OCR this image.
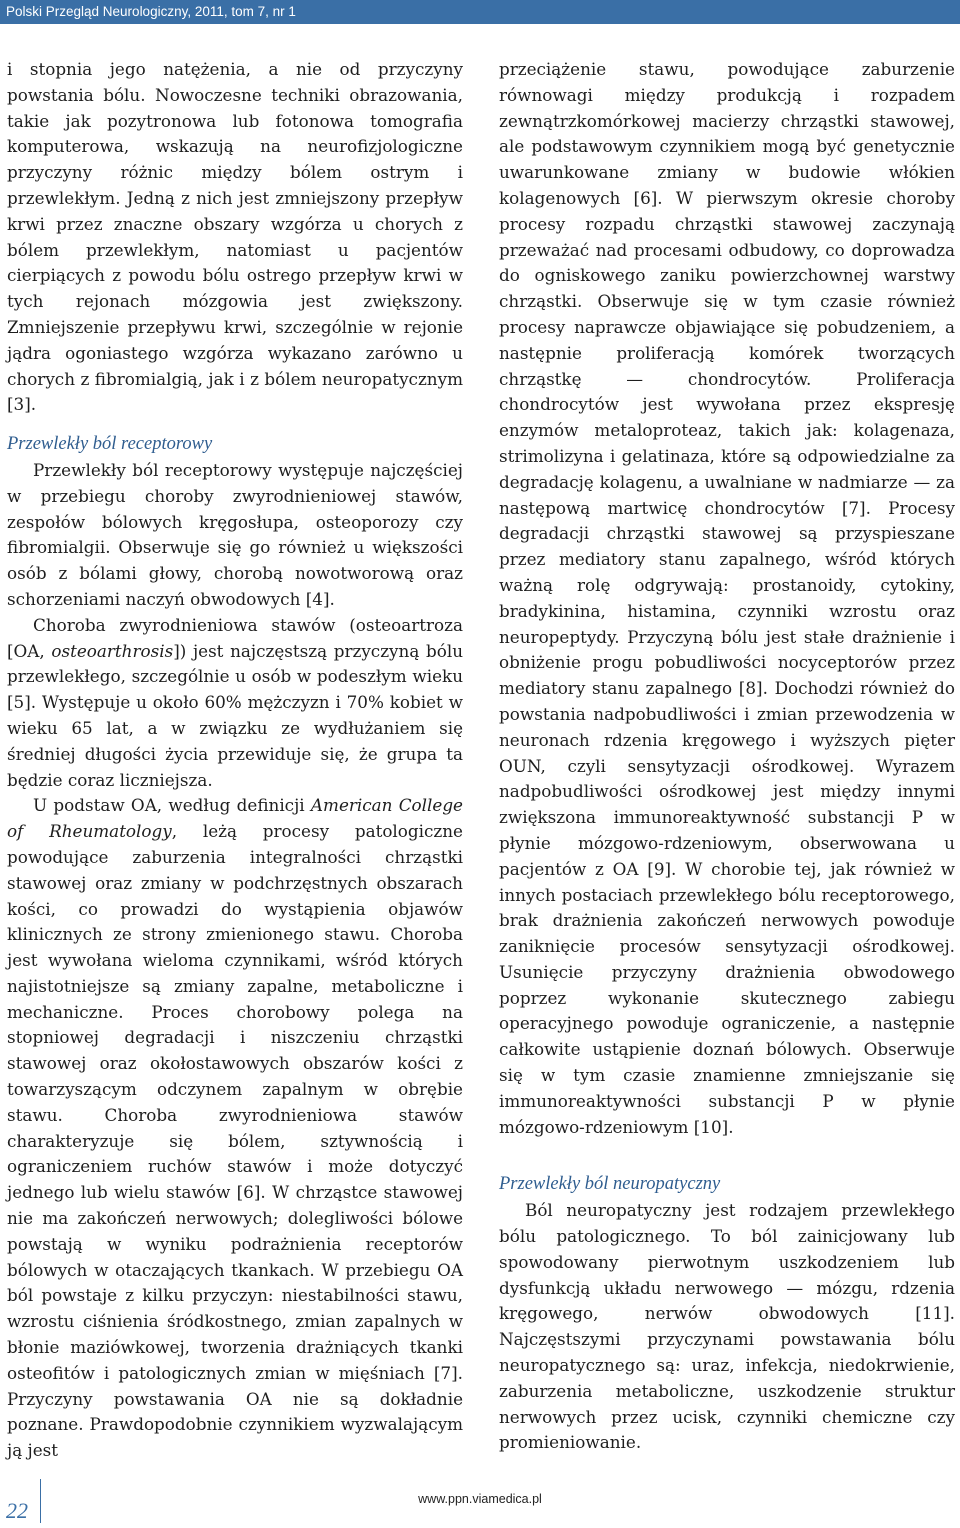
Polski Przegląd Neurologiczny, 2011, tom 7, nr 1

i stopnia jego natężenia, a nie od przyczyny powstania bólu. Nowoczesne techniki obrazowania, takie jak pozytronowa lub fotonowa tomografia komputerowa, wskazują na neurofizjologiczne przyczyny różnic między bólem ostrym i przewlekłym. Jedną z nich jest zmniejszony przepływ krwi przez znaczne obszary wzgórza u chorych z bólem przewlekłym, natomiast u pacjentów cierpiących z powodu bólu ostrego przepływ krwi w tych rejonach mózgowia jest zwiększony. Zmniejszenie przepływu krwi, szczególnie w rejonie jądra ogoniastego wzgórza wykazano zarówno u chorych z fibromialgią, jak i z bólem neuropatycznym [3].

Przewlekły ból receptorowy

Przewlekły ból receptorowy występuje najczęściej w przebiegu choroby zwyrodnieniowej stawów, zespołów bólowych kręgosłupa, osteoporozy czy fibromialgii. Obserwuje się go również u większości osób z bólami głowy, chorobą nowotworową oraz schorzeniami naczyń obwodowych [4].

Choroba zwyrodnieniowa stawów (osteoartroza [OA, osteoarthrosis]) jest najczęstszą przyczyną bólu przewlekłego, szczególnie u osób w podeszłym wieku [5]. Występuje u około 60% mężczyzn i 70% kobiet w wieku 65 lat, a w związku ze wydłużaniem się średniej długości życia przewiduje się, że grupa ta będzie coraz liczniejsza.

U podstaw OA, według definicji American College of Rheumatology, leżą procesy patologiczne powodujące zaburzenia integralności chrząstki stawowej oraz zmiany w podchrzęstnych obszarach kości, co prowadzi do wystąpienia objawów klinicznych ze strony zmienionego stawu. Choroba jest wywołana wieloma czynnikami, wśród których najistotniejsze są zmiany zapalne, metaboliczne i mechaniczne. Proces chorobowy polega na stopniowej degradacji i niszczeniu chrząstki stawowej oraz okołostawowych obszarów kości z towarzyszącym odczynem zapalnym w obrębie stawu. Choroba zwyrodnieniowa stawów charakteryzuje się bólem, sztywnością i ograniczeniem ruchów stawów i może dotyczyć jednego lub wielu stawów [6]. W chrząstce stawowej nie ma zakończeń nerwowych; dolegliwości bólowe powstają w wyniku podrażnienia receptorów bólowych w otaczających tkankach. W przebiegu OA ból powstaje z kilku przyczyn: niestabilności stawu, wzrostu ciśnienia śródkostnego, zmian zapalnych w błonie maziówkowej, tworzenia drażniących tkanki osteofitów i patologicznych zmian w mięśniach [7]. Przyczyny powstawania OA nie są dokładnie poznane. Prawdopodobnie czynnikiem wyzwalającym ją jest

przeciążenie stawu, powodujące zaburzenie równowagi między produkcją i rozpadem zewnątrzkomórkowej macierzy chrząstki stawowej, ale podstawowym czynnikiem mogą być genetycznie uwarunkowane zmiany w budowie włókien kolagenowych [6]. W pierwszym okresie choroby procesy rozpadu chrząstki stawowej zaczynają przeważać nad procesami odbudowy, co doprowadza do ogniskowego zaniku powierzchownej warstwy chrząstki. Obserwuje się w tym czasie również procesy naprawcze objawiające się pobudzeniem, a następnie proliferacją komórek tworzących chrząstkę — chondrocytów. Proliferacja chondrocytów jest wywołana przez ekspresję enzymów metaloproteaz, takich jak: kolagenaza, strimolizyna i gelatinaza, które są odpowiedzialne za degradację kolagenu, a uwalniane w nadmiarze — za następową martwicę chondrocytów [7]. Procesy degradacji chrząstki stawowej są przyspieszane przez mediatory stanu zapalnego, wśród których ważną rolę odgrywają: prostanoidy, cytokiny, bradykinina, histamina, czynniki wzrostu oraz neuropeptydy. Przyczyną bólu jest stałe drażnienie i obniżenie progu pobudliwości nocyceptorów przez mediatory stanu zapalnego [8]. Dochodzi również do powstania nadpobudliwości i zmian przewodzenia w neuronach rdzenia kręgowego i wyższych pięter OUN, czyli sensytyzacji ośrodkowej. Wyrazem nadpobudliwości ośrodkowej jest między innymi zwiększona immunoreaktywność substancji P w płynie mózgowo-rdzeniowym, obserwowana u pacjentów z OA [9]. W chorobie tej, jak również w innych postaciach przewlekłego bólu receptorowego, brak drażnienia zakończeń nerwowych powoduje zaniknięcie procesów sensytyzacji ośrodkowej. Usunięcie przyczyny drażnienia obwodowego poprzez wykonanie skutecznego zabiegu operacyjnego powoduje ograniczenie, a następnie całkowite ustąpienie doznań bólowych. Obserwuje się w tym czasie znamienne zmniejszanie się immunoreaktywności substancji P w płynie mózgowo-rdzeniowym [10].

Przewlekły ból neuropatyczny

Ból neuropatyczny jest rodzajem przewlekłego bólu patologicznego. To ból zainicjowany lub spowodowany pierwotnym uszkodzeniem lub dysfunkcją układu nerwowego — mózgu, rdzenia kręgowego, nerwów obwodowych [11]. Najczęstszymi przyczynami powstawania bólu neuropatycznego są: uraz, infekcja, niedokrwienie, zaburzenia metaboliczne, uszkodzenie struktur nerwowych przez ucisk, czynniki chemiczne czy promieniowanie.

22	www.ppn.viamedica.pl
